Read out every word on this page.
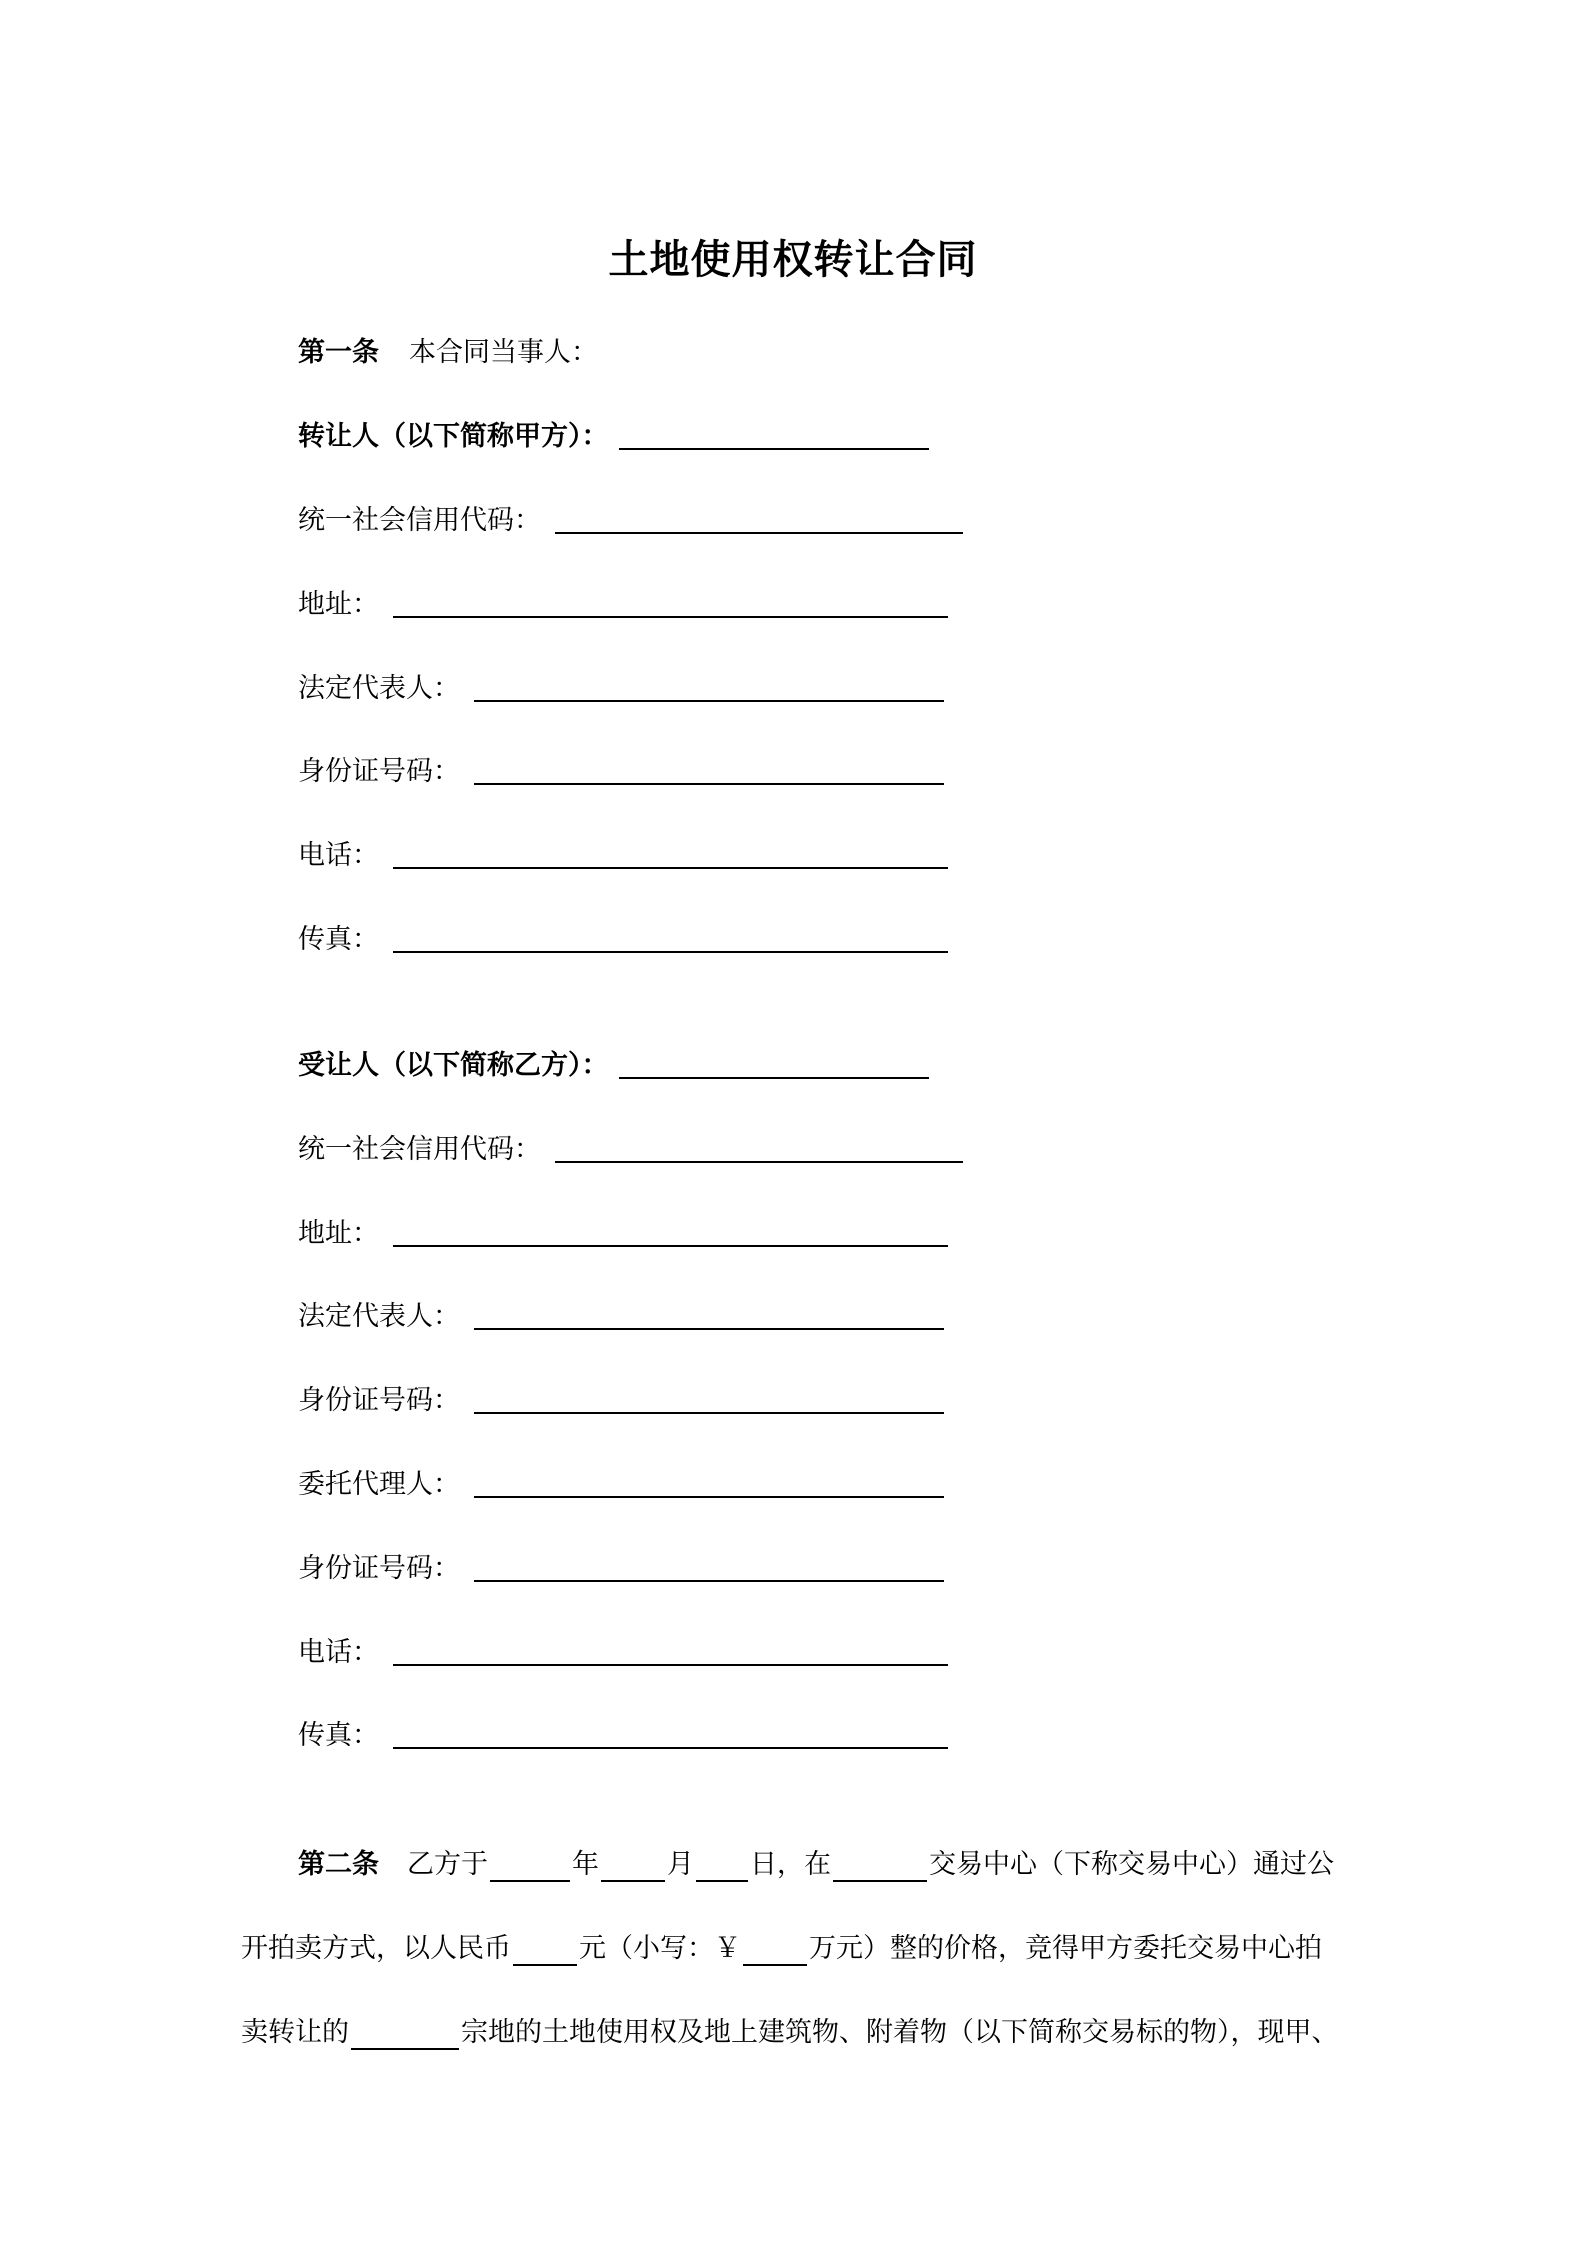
土地使用权转让合同
第一条 本合同当事人：
转让人（以下简称甲方）：
统一社会信用代码：
地址：
法定代表人：
身份证号码：
电话：
传真：
受让人（以下简称乙方）：
统一社会信用代码：
地址：
法定代表人：
身份证号码：
委托代理人：
身份证号码：
电话：
传真：
第二条 乙方于	年	月 日，在	交易中心（下称交易中心）通过公
开拍卖方式，以人民币	元（小写：￥	万元）整的价格，竞得甲方委托交易中心拍
卖转让的	宗地的土地使用权及地上建筑物、附着物（以下简称交易标的物），现甲、
